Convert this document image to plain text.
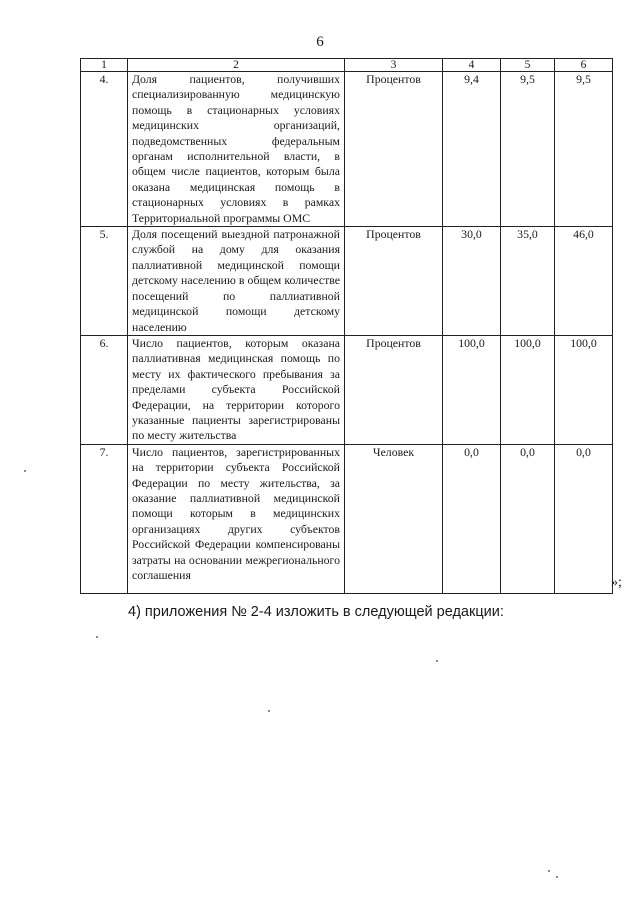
6
1	2	3	4	5	6
4.	Доля пациентов, получивших специализированную медицинскую помощь в стационарных условиях медицинских организаций, подведомственных федеральным органам исполнительной власти, в общем числе пациентов, которым была оказана медицинская помощь в стационарных условиях в рамках Территориальной программы ОМС	Процентов	9,4	9,5	9,5
5.	Доля посещений выездной патронажной службой на дому для оказания паллиативной медицинской помощи детскому населению в общем количестве посещений по паллиативной медицинской помощи детскому населению	Процентов	30,0	35,0	46,0
6.	Число пациентов, которым оказана паллиативная медицинская помощь по месту их фактического пребывания за пределами субъекта Российской Федерации, на территории которого указанные пациенты зарегистрированы по месту жительства	Процентов	100,0	100,0	100,0
7.	Число пациентов, зарегистрированных на территории субъекта Российской Федерации по месту жительства, за оказание паллиативной медицинской помощи которым в медицинских организациях других субъектов Российской Федерации компенсированы затраты на основании межрегионального соглашения	Человек	0,0	0,0	0,0
»;
4) приложения № 2-4 изложить в следующей редакции:
